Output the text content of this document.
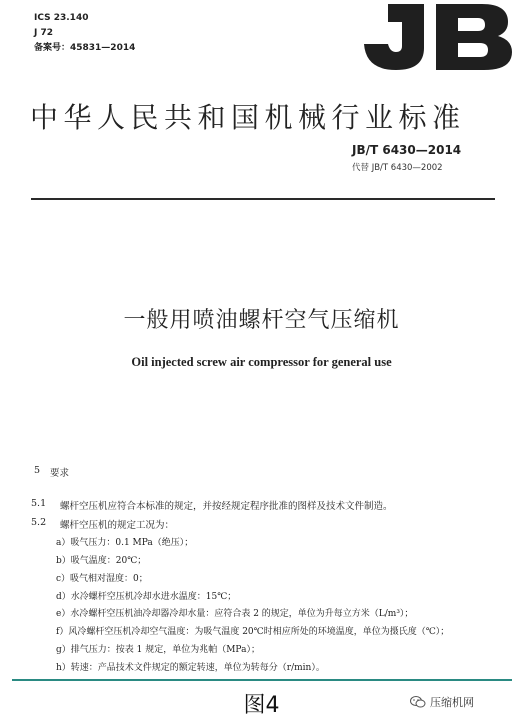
ICS 23.140
J 72
备案号：45831—2014
中华人民共和国机械行业标准
JB/T 6430—2014
代替 JB/T 6430—2002
一般用喷油螺杆空气压缩机
Oil injected screw air compressor for general use
5 要求
5.1 螺杆空压机应符合本标准的规定，并按经规定程序批准的图样及技术文件制造。
5.2 螺杆空压机的规定工况为：
a）吸气压力：0.1 MPa（绝压）；
b）吸气温度：20℃；
c）吸气相对湿度：0；
d）水冷螺杆空压机冷却水进水温度：15℃；
e）水冷螺杆空压机油冷却器冷却水量：应符合表 2 的规定，单位为升每立方米（L/m³）；
f）风冷螺杆空压机冷却空气温度：为吸气温度 20℃时相应所处的环境温度，单位为摄氏度（℃）；
g）排气压力：按表 1 规定，单位为兆帕（MPa）；
h）转速：产品技术文件规定的额定转速，单位为转每分（r/min）。
图4	压缩机网
